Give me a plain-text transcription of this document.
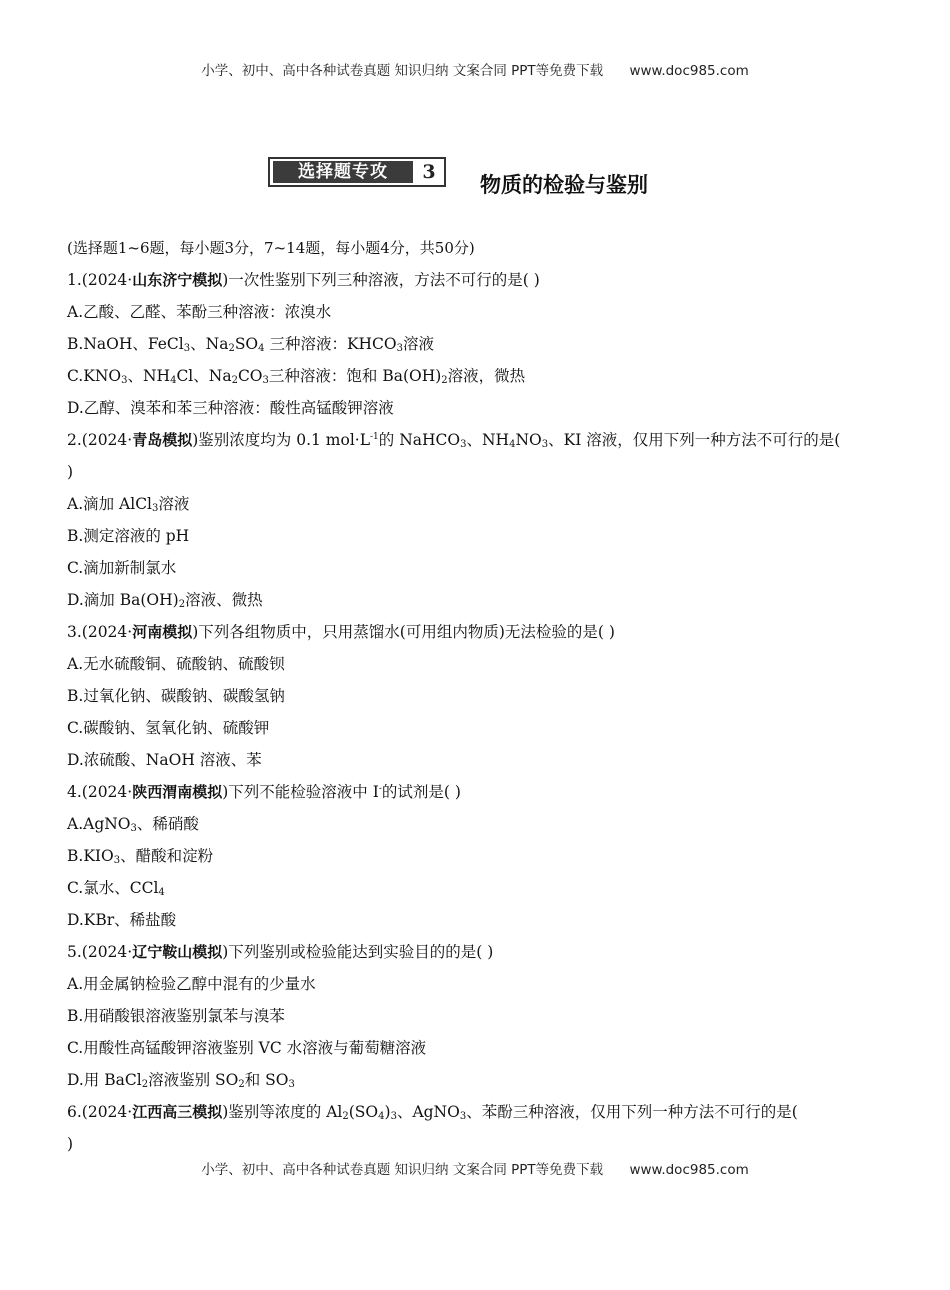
小学、初中、高中各种试卷真题 知识归纳 文案合同 PPT等免费下载 www.doc985.com
选择题专攻	3
物质的检验与鉴别
(选择题1~6题，每小题3分，7~14题，每小题4分，共50分)
1.(2024·山东济宁模拟)一次性鉴别下列三种溶液，方法不可行的是( )
A.乙酸、乙醛、苯酚三种溶液：浓溴水
B.NaOH、FeCl$_3$、$Na_2SO_4$ 三种溶液：$KHCO_3$溶液
$C.KNO_3$、$NH_4Cl$、$Na_2CO_3$三种溶液：饱和 $Ba(OH)_2$溶液，微热
D.乙醇、溴苯和苯三种溶液：酸性高锰酸钾溶液
2.(2024·青岛模拟)鉴别浓度均为 0.1 $mol\cdot L^{-1}$的 NaHCO$_3$、$NH_4NO_3$、KI 溶液，仅用下列一种方法不可行的是(
)
A.滴加 AlCl$_3$溶液
B.测定溶液的 pH
C.滴加新制氯水
D.滴加 $Ba(OH)_2$溶液、微热
3.(2024·河南模拟)下列各组物质中，只用蒸馏水(可用组内物质)无法检验的是( )
A.无水硫酸铜、硫酸钠、硫酸钡
B.过氧化钠、碳酸钠、碳酸氢钠
C.碳酸钠、氢氧化钠、硫酸钾
D.浓硫酸、NaOH 溶液、苯
4.(2024·陕西渭南模拟)下列不能检验溶液中 I-的试剂是( )
A.AgNO$_3$、稀硝酸
$B.KIO_3$、醋酸和淀粉
C.氯水、CCl$_4$
D.KBr、稀盐酸
5.(2024·辽宁鞍山模拟)下列鉴别或检验能达到实验目的的是( )
A.用金属钠检验乙醇中混有的少量水
B.用硝酸银溶液鉴别氯苯与溴苯
C.用酸性高锰酸钾溶液鉴别 VC 水溶液与葡萄糖溶液
D.用 BaCl$_2$溶液鉴别 $SO_2$和 $SO_3$
6.(2024·江西高三模拟)鉴别等浓度的 $Al_2(SO_4)_3$、AgNO$_3$、苯酚三种溶液，仅用下列一种方法不可行的是(
)
小学、初中、高中各种试卷真题 知识归纳 文案合同 PPT等免费下载 www.doc985.com
